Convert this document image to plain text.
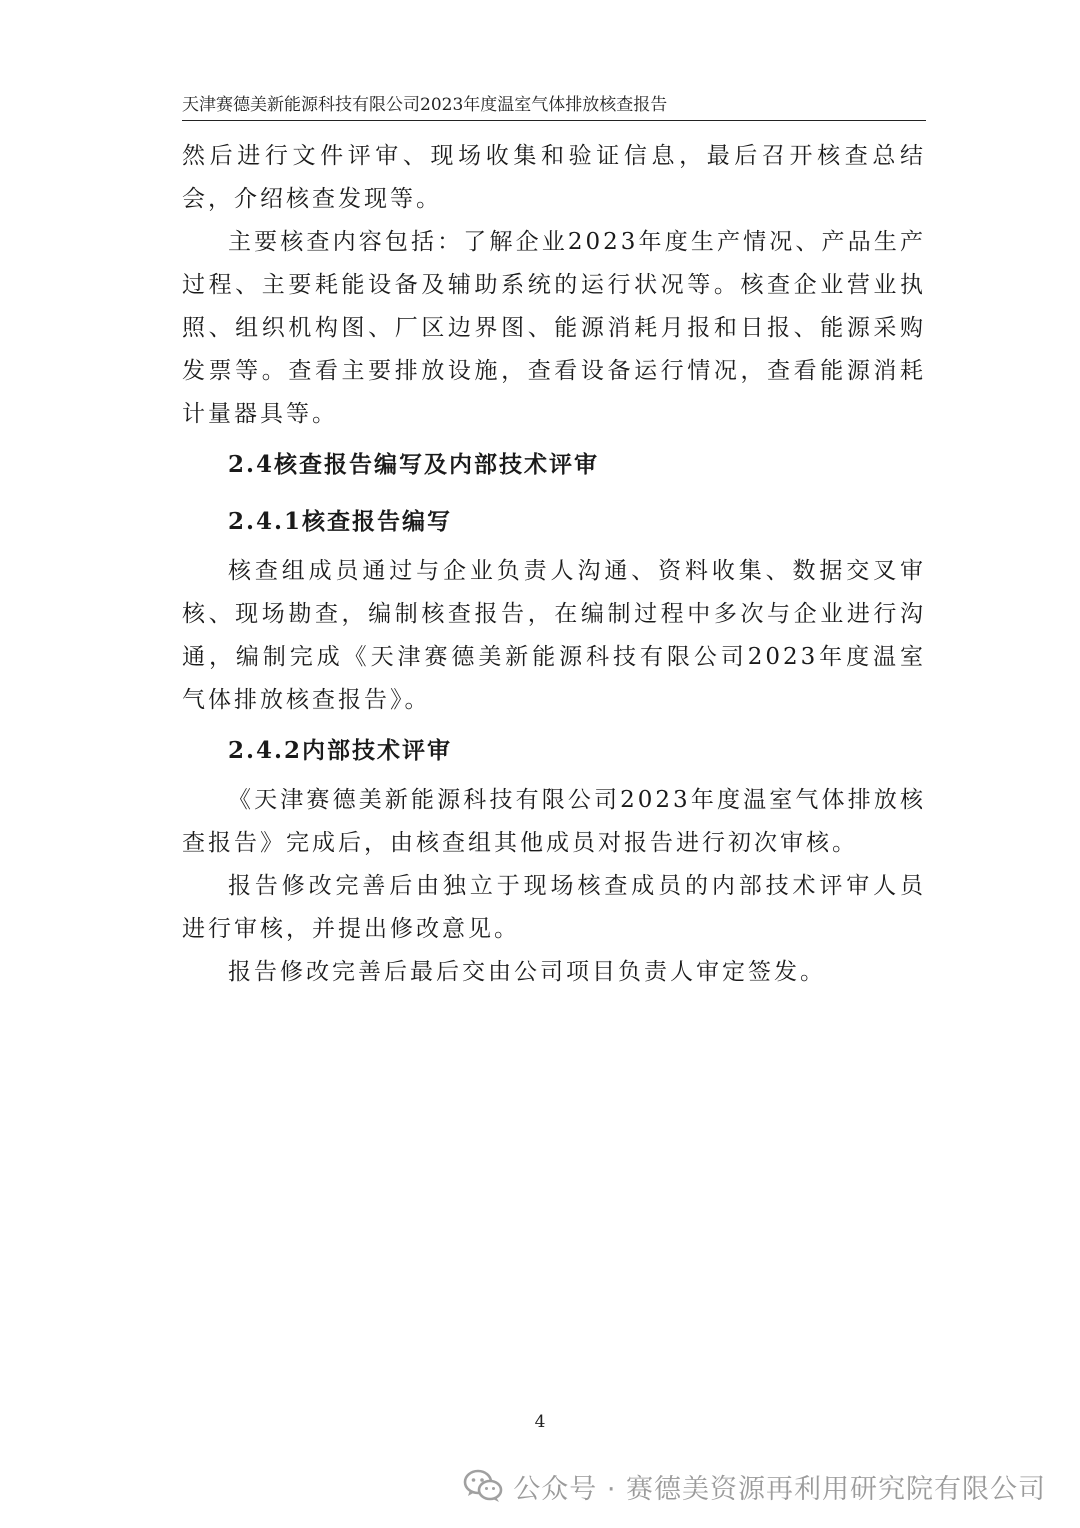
天津赛德美新能源科技有限公司2023年度温室气体排放核查报告

然后进行文件评审、现场收集和验证信息，最后召开核查总结会，介绍核查发现等。

主要核查内容包括：了解企业2023年度生产情况、产品生产过程、主要耗能设备及辅助系统的运行状况等。核查企业营业执照、组织机构图、厂区边界图、能源消耗月报和日报、能源采购发票等。查看主要排放设施，查看设备运行情况，查看能源消耗计量器具等。

2.4核查报告编写及内部技术评审

2.4.1核查报告编写

核查组成员通过与企业负责人沟通、资料收集、数据交叉审核、现场勘查，编制核查报告，在编制过程中多次与企业进行沟通，编制完成《天津赛德美新能源科技有限公司2023年度温室气体排放核查报告》。

2.4.2内部技术评审

《天津赛德美新能源科技有限公司2023年度温室气体排放核查报告》完成后，由核查组其他成员对报告进行初次审核。

报告修改完善后由独立于现场核查成员的内部技术评审人员进行审核，并提出修改意见。

报告修改完善后最后交由公司项目负责人审定签发。

4
公众号 · 赛德美资源再利用研究院有限公司
